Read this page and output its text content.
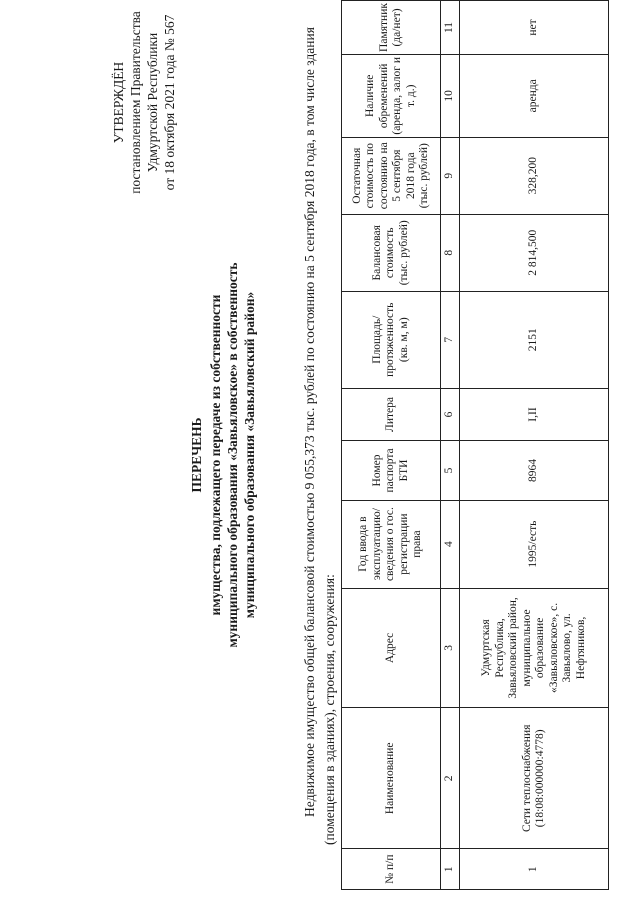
УТВЕРЖДЁН постановлением Правительства Удмуртской Республики от 18 октября 2021 года № 567
ПЕРЕЧЕНЬ имущества, подлежащего передаче из собственности муниципального образования «Завьяловское» в собственность муниципального образования «Завьяловский район»	Недвижимое имущество общей балансовой стоимостью 9 055,373 тыс. рублей по состоянию на 5 сентября 2018 года, в том числе здания (помещения в зданиях), строения, сооружения:
№ п/п	Наименование	Адрес	Год ввода в эксплуатацию/ сведения о гос. регистрации права	Номер паспорта БТИ	Литера	Площадь/ протяженность (кв. м, м)	Балансовая стоимость (тыс. рублей)	Остаточная стоимость по состоянию на 5 сентября 2018 года (тыс. рублей)	Наличие обременений (аренда, залог и т. д.)	Памятник (да/нет)
1	2	3	4	5	6	7	8	9	10	11
1	Сети теплоснабжения (18:08:000000:4778)	Удмуртская Республика, Завьяловский район, муниципальное образование «Завьяловское», с. Завьялово, ул. Нефтяников,	1995/есть	8964	I,II	2151	2 814,500	328,200	аренда	нет
